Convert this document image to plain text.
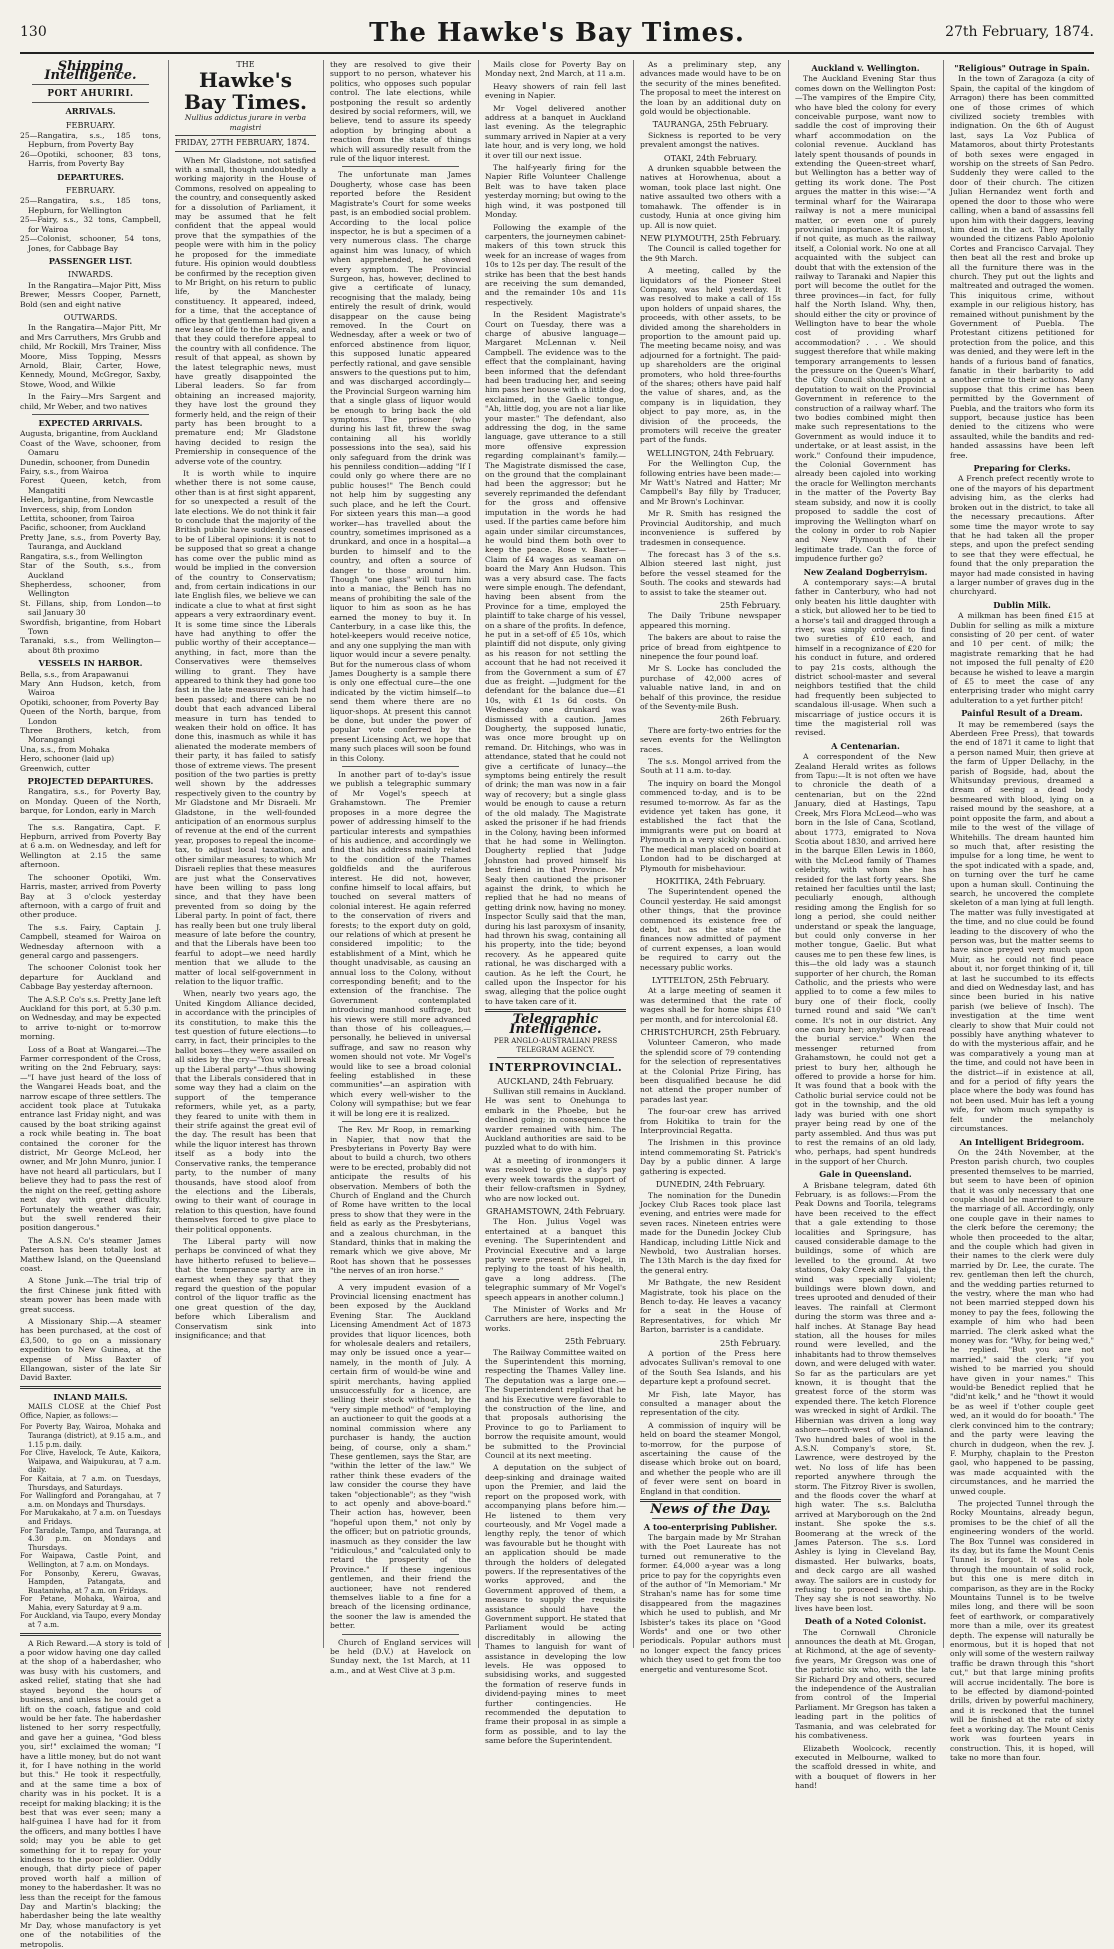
130	The Hawke's Bay Times.	27th February, 1874.
Shipping Intelligence.
PORT AHURIRI.
ARRIVALS.
FEBRUARY.

25—Rangatira, s.s., 185 tons, Hepburn, from Poverty Bay

26—Opotiki, schooner, 83 tons, Harris, from Poverty Bay

DEPARTURES.
FEBRUARY.

25—Rangatira, s.s., 185 tons, Hepburn, for Wellington

25—Fairy, s.s., 32 tons, Campbell, for Wairoa

25—Colonist, schooner, 54 tons, Jones, for Cabbage Bay

PASSENGER LIST.
INWARDS.

In the Rangatira—Major Pitt, Miss Brewer, Messrs Cooper, Parnett, Bold (sen and eight native

OUTWARDS.

In the Rangatira—Major Pitt, Mr and Mrs Carruthers, Mrs Grubb and child, Mr Rockill, Mrs Trainer, Miss Moore, Miss Topping, Messrs Arnold, Blair, Carter, Howe, Kennedy, Mound, McGregor, Saxby, Stowe, Wood, and Wilkie

In the Fairy—Mrs Sargent and child, Mr Weber, and two natives

EXPECTED ARRIVALS.

Augusta, brigantine, from Auckland

Coast of the Wave, schooner, from Oamaru

Dunedin, schooner, from Dunedin

Fairy, s.s., from Wairoa

Forest Queen, ketch, from Mangatiti

Helen, brigantine, from Newcastle

Invercess, ship, from London

Lettita, schooner, from Tairoa

Pacific, schooner, from Auckland

Pretty Jane, s.s., from Poverty Bay, Tauranga, and Auckland

Rangatira, s.s., from Wellington

Star of the South, s.s., from Auckland

Shepherdess, schooner, from Wellington

St. Fillans, ship, from London—to sail January 30

Swordfish, brigantine, from Hobart Town

Taranaki, s.s., from Wellington—about 8th proximo

VESSELS IN HARBOR.

Bella, s.s., from Arapawanui

Mary Ann Hudson, ketch, from Wairoa

Opotiki, schooner, from Poverty Bay

Queen of the North, barque, from London

Three Brothers, ketch, from Morangangi

Una, s.s., from Mohaka

Hero, schooner (laid up)

Greenwich, cutter

PROJECTED DEPARTURES.

Rangatira, s.s., for Poverty Bay, on Monday. Queen of the North, barque, for London, early in March

The s.s. Rangatira, Capt. F. Hepburn, arrived from Poverty Bay at 6 a.m. on Wednesday, and left for Wellington at 2.15 the same afternoon.

The schooner Opotiki, Wm. Harris, master, arrived from Poverty Bay at 3 o'clock yesterday afternoon, with a cargo of fruit and other produce.

The s.s. Fairy, Captain J. Campbell, steamed for Wairoa on Wednesday afternoon with a general cargo and passengers.

The schooner Colonist took her departure for Auckland and Cabbage Bay yesterday afternoon.

The A.S.P. Co's s.s. Pretty Jane left Auckland for this port, at 5.30 p.m. on Wednesday, and may be expected to arrive to-night or to-morrow morning.

Loss of a Boat at Wangarei.—The Farmer correspondent of the Cross, writing on the 2nd February, says:—"I have just heard of the loss of the Wangarei Heads boat, and the narrow escape of three settlers. The accident took place at Tutukaka entrance last Friday night, and was caused by the boat striking against a rock while beating in. The boat contained the coroner for the district, Mr George McLeod, her owner, and Mr John Munro, junior. I have not heard all particulars, but I believe they had to pass the rest of the night on the reef, getting ashore next day with great difficulty. Fortunately the weather was fair, but the swell rendered their position dangerous."

The A.S.N. Co's steamer James Paterson has been totally lost at Matthew Island, on the Queensland coast.

A Stone Junk.—The trial trip of the first Chinese junk fitted with steam power has been made with great success.

A Missionary Ship.—A steamer has been purchased, at the cost of £3,500, to go on a missionary expedition to New Guinea, at the expense of Miss Baxter of Ellangowan, sister of the late Sir David Baxter.

INLAND MAILS.

MAILS CLOSE at the Chief Post Office, Napier, as follows:—

For Poverty Bay, Wairoa, Mohaka and Tauranga (district), at 9.15 a.m., and 1.15 p.m. daily.

For Clive, Havelock, Te Aute, Kaikora, Waipawa, and Waipukurau, at 7 a.m. daily.

For Kaitaia, at 7 a.m. on Tuesdays, Thursdays, and Saturdays.

For Wallingford and Porangahau, at 7 a.m. on Mondays and Thursdays.

For Marukakaho, at 7 a.m. on Tuesdays and Fridays.

For Taradale, Tampo, and Tauranga, at 4.30 p.m. on Mondays and Thursdays.

For Waipawa, Castle Point, and Wellington, at 7 a.m. on Mondays.

For Ponsonby, Kereru, Gwavas, Hampden, Patangata, and Ruataniwha, at 7 a.m. on Fridays.

For Petane, Mohaka, Wairoa, and Mahia, every Saturday at 9 a.m.

For Auckland, via Taupo, every Monday at 7 a.m.

A Rich Reward.—A story is told of a poor widow having one day called at the shop of a haberdasher, who was busy with his customers, and asked relief, stating that she had stayed beyond the hours of business, and unless he could get a lift on the coach, fatigue and cold would be her fate. The haberdasher listened to her sorry respectfully, and gave her a guinea, "God bless you, sir!" exclaimed the woman; "I have a little money, but do not want it, for I have nothing in the world but this." He took it respectfully, and at the same time a box of charity was in his pocket. It is a receipt for making blacking; it is the best that was ever seen; many a half-guinea I have had for it from the officers, and many bottles I have sold; may you be able to get something for it to repay for your kindness to the poor soldier. Oddly enough, that dirty piece of paper proved worth half a million of money to the haberdasher. It was no less than the receipt for the famous Day and Martin's blacking; the haberdasher being the late wealthy Mr Day, whose manufactory is yet one of the notabilities of the metropolis.

THE
Hawke's Bay Times.
Nullius addictus jurare in verba magistri
FRIDAY, 27TH FEBRUARY, 1874.

When Mr Gladstone, not satisfied with a small, though undoubtedly a working majority in the House of Commons, resolved on appealing to the country, and consequently asked for a dissolution of Parliament, it may be assumed that he felt confident that the appeal would prove that the sympathies of the people were with him in the policy he proposed for the immediate future. His opinion would doubtless be confirmed by the reception given to Mr Bright, on his return to public life, by the Manchester constituency. It appeared, indeed, for a time, that the acceptance of office by that gentleman had given a new lease of life to the Liberals, and that they could therefore appeal to the country with all confidence. The result of that appeal, as shown by the latest telegraphic news, must have greatly disappointed the Liberal leaders. So far from obtaining an increased majority, they have lost the ground they formerly held, and the reign of their party has been brought to a premature end; Mr Gladstone having decided to resign the Premiership in consequence of the adverse vote of the country.

It is worth while to inquire whether there is not some cause, other than is at first sight apparent, for so unexpected a result of the late elections. We do not think it fair to conclude that the majority of the British public have suddenly ceased to be of Liberal opinions: it is not to be supposed that so great a change has come over the public mind as would be implied in the conversion of the country to Conservatism; and, from certain indications in our late English files, we believe we can indicate a clue to what at first sight appears a very extraordinary event. It is some time since the Liberals have had anything to offer the public worthy of their acceptance—anything, in fact, more than the Conservatives were themselves willing to grant. They have appeared to think they had gone too fast in the late measures which had been passed; and there can be no doubt that each advanced Liberal measure in turn has tended to weaken their hold on office. It has done this, inasmuch as while it has alienated the moderate members of their party, it has failed to satisfy those of extreme views. The present position of the two parties is pretty well shown by the addresses respectively given to the country by Mr Gladstone and Mr Disraeli. Mr Gladstone, in the well-founded anticipation of an enormous surplus of revenue at the end of the current year, proposes to repeal the income-tax, to adjust local taxation, and other similar measures; to which Mr Disraeli replies that these measures are just what the Conservatives have been willing to pass long since, and that they have been prevented from so doing by the Liberal party. In point of fact, there has really been but one truly liberal measure of late before the country, and that the Liberals have been too fearful to adopt—we need hardly mention that we allude to the matter of local self-government in relation to the liquor traffic.

When, nearly two years ago, the United Kingdom Alliance decided, in accordance with the principles of its constitution, to make this the test question of future elections—to carry, in fact, their principles to the ballot boxes—they were assailed on all sides by the cry—"You will break up the Liberal party"—thus showing that the Liberals considered that in some way they had a claim on the support of the temperance reformers, while yet, as a party, they feared to unite with them in their strife against the great evil of the day. The result has been that while the liquor interest has thrown itself as a body into the Conservative ranks, the temperance party, to the number of many thousands, have stood aloof from the elections and the Liberals, owing to their want of courage in relation to this question, have found themselves forced to give place to their political opponents.

The Liberal party will now perhaps be convinced of what they have hitherto refused to believe—that the temperance party are in earnest when they say that they regard the question of the popular control of the liquor traffic as the one great question of the day, before which Liberalism and Conservatism sink into insignificance; and that

they are resolved to give their support to no person, whatever his politics, who opposes such popular control. The late elections, while postponing the result so ardently desired by social reformers, will, we believe, tend to assure its speedy adoption by bringing about a reaction from the state of things which will assuredly result from the rule of the liquor interest.

The unfortunate man James Dougherty, whose case has been reported before the Resident Magistrate's Court for some weeks past, is an embodied social problem. According to the local police inspector, he is but a specimen of a very numerous class. The charge against him was lunacy, of which when apprehended, he showed every symptom. The Provincial Surgeon, has, however, declined to give a certificate of lunacy, recognising that the malady, being entirely the result of drink, would disappear on the cause being removed. In the Court on Wednesday, after a week or two of enforced abstinence from liquor, this supposed lunatic appeared perfectly rational, and gave sensible answers to the questions put to him, and was discharged accordingly—the Provincial Surgeon warning him that a single glass of liquor would be enough to bring back the old symptoms. The prisoner (who during his last fit, threw the swag containing all his worldly possessions into the sea), said his only safeguard from the drink was his penniless condition—adding "If I could only go where there are no public houses!" The Bench could not help him by suggesting any such place, and he left the Court. For sixteen years this man—a good worker—has travelled about the country, sometimes imprisoned as a drunkard, and once in a hospital—a burden to himself and to the country, and often a source of danger to those around him. Though "one glass" will turn him into a maniac, the Bench has no means of prohibiting the sale of the liquor to him as soon as he has earned the money to buy it. In Canterbury, in a case like this, the hotel-keepers would receive notice, and any one supplying the man with liquor would incur a severe penalty. But for the numerous class of whom James Dougherty is a sample there is only one effectual cure—the one indicated by the victim himself—to send them where there are no liquor-shops. At present this cannot be done, but under the power of popular vote conferred by the present Licensing Act, we hope that many such places will soon be found in this Colony.

In another part of to-day's issue we publish a telegraphic summary of Mr Vogel's speech at Grahamstown. The Premier proposes in a more degree the power of addressing himself to the particular interests and sympathies of his audience, and accordingly we find that his address mainly related to the condition of the Thames goldfields and the auriferous interest. He did not, however, confine himself to local affairs, but touched on several matters of colonial interest. He again referred to the conservation of rivers and forests; to the export duty on gold, our relations of which at present he considered impolitic; to the establishment of a Mint, which he thought unadvisable, as causing an annual loss to the Colony, without corresponding benefit; and to the extension of the franchise. The Government contemplated introducing manhood suffrage, but his views were still more advanced than those of his colleagues,—personally, he believed in universal suffrage, and saw no reason why women should not vote. Mr Vogel's would like to see a broad colonial feeling established in these communities"—an aspiration with which every well-wisher to the Colony will sympathise; but we fear it will be long ere it is realized.

The Rev. Mr Roop, in remarking in Napier, that now that the Presbyterians in Poverty Bay were about to build a church, two others were to be erected, probably did not anticipate the results of his observation. Members of both the Church of England and the Church of Rome have written to the local press to show that they were in the field as early as the Presbyterians, and a zealous churchman, in the Standard, thinks that in making the remark which we give above, Mr Root has shown that he possesses "the nerves of an iron horse."

A very impudent evasion of a Provincial licensing enactment has been exposed by the Auckland Evening Star. The Auckland Licensing Amendment Act of 1873 provides that liquor licences, both for wholesale dealers and retailers, may only be issued once a year—namely, in the month of July. A certain firm of would-be wine and spirit merchants, having applied unsuccessfully for a licence, are selling their stock without, by the "very simple method" of "employing an auctioneer to quit the goods at a nominal commission where any purchaser is handy, the auction being, of course, only a sham." These gentlemen, says the Star, are "within the letter of the law." We rather think these evaders of the law consider the course they have taken "objectionable"; as they "wish to act openly and above-board." Their action has, however, been "hopeful upon them," not only by the officer; but on patriotic grounds, inasmuch as they consider the law "ridiculous," and "calculated only to retard the prosperity of the Province." If these ingenious gentlemen, and their friend the auctioneer, have not rendered themselves liable to a fine for a breach of the licensing ordinance, the sooner the law is amended the better.

Church of England services will be held (D.V.) at Havelock on Sunday next, the 1st March, at 11 a.m., and at West Clive at 3 p.m.

Mails close for Poverty Bay on Monday next, 2nd March, at 11 a.m.

Heavy showers of rain fell last evening in Napier.

Mr Vogel delivered another address at a banquet in Auckland last evening. As the telegraphic summary arrived in Napier at a very late hour, and is very long, we hold it over till our next issue.

The half-yearly firing for the Napier Rifle Volunteer Challenge Belt was to have taken place yesterday morning; but owing to the high wind, it was postponed till Monday.

Following the example of the carpenters, the journeymen cabinet-makers of this town struck this week for an increase of wages from 10s to 12s per day. The result of the strike has been that the best hands are receiving the sum demanded, and the remainder 10s and 11s respectively.

In the Resident Magistrate's Court on Tuesday, there was a charge of abusive language—Margaret McLennan v. Neil Campbell. The evidence was to the effect that the complainant, having been informed that the defendant had been traducing her, and seeing him pass her house with a little dog, exclaimed, in the Gaelic tongue, "Ah, little dog, you are not a liar like your master." The defendant, also addressing the dog, in the same language, gave utterance to a still more offensive expression regarding complainant's family.—The Magistrate dismissed the case, on the ground that the complainant had been the aggressor; but he severely reprimanded the defendant for the gross and offensive imputation in the words he had used. If the parties came before him again under similar circumstances, he would bind them both over to keep the peace. Rose v. Baxter—Claim of £4 wages as seaman on board the Mary Ann Hudson. This was a very absurd case. The facts were simple enough. The defendant, having been absent from the Province for a time, employed the plaintiff to take charge of his vessel, on a share of the profits. In defence, he put in a set-off of £5 10s, which plaintiff did not dispute, only giving as his reason for not settling the account that he had not received it from the Government a sum of £7 due as freight. —Judgment for the defendant for the balance due—£1 10s, with £1 1s 6d costs. On Wednesday one drunkard was dismissed with a caution. James Dougherty, the supposed lunatic, was once more brought up on remand. Dr. Hitchings, who was in attendance, stated that he could not give a certificate of lunacy—the symptoms being entirely the result of drink; the man was now in a fair way of recovery; but a single glass would be enough to cause a return of the old malady. The Magistrate asked the prisoner if he had friends in the Colony, having been informed that he had some in Wellington. Dougherty replied that Judge Johnston had proved himself his best friend in that Province. Mr Sealy then cautioned the prisoner against the drink, to which he replied that he had no means of getting drink now, having no money. Inspector Scully said that the man, during his last paroxysm of insanity, had thrown his swag, containing all his property, into the tide; beyond recovery. As he appeared quite rational, he was discharged with a caution. As he left the Court, he called upon the Inspector for his swag, alleging that the police ought to have taken care of it.

Telegraphic Intelligence.

PER ANGLO-AUSTRALIAN PRESS TELEGRAM AGENCY.

INTERPROVINCIAL.
AUCKLAND, 24th February.

Sullivan still remains in Auckland. He was sent to Onehunga to embark in the Phoebe, but he declined going; in consequence the warder remained with him. The Auckland authorities are said to be puzzled what to do with him.

At a meeting of ironmongers it was resolved to give a day's pay every week towards the support of their fellow-craftsmen in Sydney, who are now locked out.

GRAHAMSTOWN, 24th February.

The Hon. Julius Vogel was entertained at a banquet this evening. The Superintendent and Provincial Executive and a large party were present. Mr Vogel, in replying to the toast of his health, gave a long address. [The telegraphic summary of Mr Vogel's speech appears in another column.]

The Minister of Works and Mr Carruthers are here, inspecting the works.

25th February.

The Railway Committee waited on the Superintendent this morning, respecting the Thames Valley line. The deputation was a large one.—The Superintendent replied that he and his Executive were favorable to the construction of the line, and that proposals authorising the Province to go to Parliament to borrow the requisite amount, would be submitted to the Provincial Council at its next meeting.

A deputation on the subject of deep-sinking and drainage waited upon the Premier, and laid the report on the proposed work, with accompanying plans before him.—He listened to them very courteously, and Mr Vogel made a lengthy reply, the tenor of which was favourable but he thought with an application should be made through the holders of delegated powers. If the representatives of the works approved, and the Government approved of them, a measure to supply the requisite assistance should have the Government support. He stated that Parliament would be acting discreditably in allowing the Thames to languish for want of assistance in developing the low levels. He was opposed to subsidising works, and suggested the formation of reserve funds in dividend-paying mines to meet further contingencies. He recommended the deputation to frame their proposal in as simple a form as possible, and to lay the same before the Superintendent.

As a preliminary step, any advances made would have to be on the security of the mines benefited. The proposal to meet the interest on the loan by an additional duty on gold would be objectionable.

TAURANGA, 25th February.

Sickness is reported to be very prevalent amongst the natives.

OTAKI, 24th February.

A drunken squabble between the natives at Horowhenua, about a woman, took place last night. One native assaulted two others with a tomahawk. The offender is in custody, Hunia at once giving him up. All is now quiet.

NEW PLYMOUTH, 25th February.

The Council is called together for the 9th March.

A meeting, called by the liquidators of the Pioneer Steel Company, was held yesterday. It was resolved to make a call of 15s upon holders of unpaid shares, the proceeds, with other assets, to be divided among the shareholders in proportion to the amount paid up. The meeting became noisy, and was adjourned for a fortnight. The paid-up shareholders are the original promoters, who hold three-fourths of the shares; others have paid half the value of shares, and, as the company is in liquidation, they object to pay more, as, in the division of the proceeds, the promoters will receive the greater part of the funds.

WELLINGTON, 24th February.

For the Wellington Cup, the following entries have been made:—Mr Watt's Natred and Hatter; Mr Campbell's Bay filly by Traducer, and Mr Brown's Lochinvar.

Mr R. Smith has resigned the Provincial Auditorship, and much inconvenience is suffered by tradesmen in consequence.

The forecast has 3 of the s.s. Albion steered last night, just before the vessel steamed for the South. The cooks and stewards had to assist to take the steamer out.

25th February.

The Daily Tribune newspaper appeared this morning.

The bakers are about to raise the price of bread from eightpence to ninepence the four pound loaf.

Mr S. Locke has concluded the purchase of 42,000 acres of valuable native land, in and on behalf of this province, the residue of the Seventy-mile Bush.

26th February.

There are forty-two entries for the seven events for the Wellington races.

The s.s. Mongol arrived from the South at 11 a.m. to-day.

The inquiry on board the Mongol commenced to-day, and is to be resumed to-morrow. As far as the evidence yet taken has gone, it established the fact that the immigrants were put on board at Plymouth in a very sickly condition. The medical man placed on board at London had to be discharged at Plymouth for misbehaviour.

HOKITIKA, 24th February.

The Superintendent opened the Council yesterday. He said amongst other things, that the province commenced its existence free of debt, but as the state of the finances now admitted of payment of current expenses, a loan would be required to carry out the necessary public works.

LYTTELTON, 25th February.

At a large meeting of seamen it was determined that the rate of wages shall be for home ships £10 per month, and for intercolonial £8.

CHRISTCHURCH, 25th February.

Volunteer Cameron, who made the splendid score of 79 contending for the selection of representatives at the Colonial Prize Firing, has been disqualified because he did not attend the proper number of parades last year.

The four-oar crew has arrived from Hokitika to train for the Interprovincial Regatta.

The Irishmen in this province intend commemorating St. Patrick's Day by a public dinner. A large gathering is expected.

DUNEDIN, 24th February.

The nomination for the Dunedin Jockey Club Races took place last evening, and entries were made for seven races. Nineteen entries were made for the Dunedin Jockey Club Handicap, including Little Nick and Newbold, two Australian horses. The 13th March is the day fixed for the general entry.

Mr Bathgate, the new Resident Magistrate, took his place on the Bench to-day. He leaves a vacancy for a seat in the House of Representatives, for which Mr Barton, barrister is a candidate.

25th February.

A portion of the Press here advocates Sullivan's removal to one of the South Sea Islands, and his departure kept a profound secret.

Mr Fish, late Mayor, has consulted a manager about the representation of the city.

A commission of inquiry will be held on board the steamer Mongol, to-morrow, for the purpose of ascertaining the cause of the disease which broke out on board, and whether the people who are ill of fever were sent on board in England in that condition.

News of the Day.
A too-enterprising Publisher.

The bargain made by Mr Strahan with the Poet Laureate has not turned out remunerative to the former. £4,000 a-year was a long price to pay for the copyrights even of the author of "In Memoriam." Mr Strahan's name has for some time disappeared from the magazines which he used to publish, and Mr Isbister's takes its place on "Good Words" and one or two other periodicals. Popular authors must no longer expect the fancy prices which they used to get from the too energetic and venturesome Scot.

Auckland v. Wellington.

The Auckland Evening Star thus comes down on the Wellington Post:—The vampires of the Empire City, who have bled the colony for every conceivable purpose, want now to saddle the cost of improving their wharf accommodation on the colonial revenue. Auckland has lately spent thousands of pounds in extending the Queen-street wharf, but Wellington has a better way of getting its work done. The Post argues the matter in this wise:—"A terminal wharf for the Wairarapa railway is not a mere municipal matter, or even one of purely provincial importance. It is almost, if not quite, as much as the railway itself, a Colonial work. No one at all acquainted with the subject can doubt that with the extension of the railway to Taranaki and Napier this port will become the outlet for the three provinces—in fact, for fully half the North Island. Why, then, should either the city or province of Wellington have to bear the whole cost of providing wharf accommodation? . . . We should suggest therefore that while making temporary arrangements to lessen the pressure on the Queen's Wharf, the City Council should appoint a deputation to wait on the Provincial Government in reference to the construction of a railway wharf. The two bodies combined might then make such representations to the Government as would induce it to undertake, or at least assist, in the work." Confound their impudence, the Colonial Government has already been cajoled into working the oracle for Wellington merchants in the matter of the Poverty Bay steam subsidy, and now it is coolly proposed to saddle the cost of improving the Wellington wharf on the colony in order to rob Napier and New Plymouth of their legitimate trade. Can the force of impudence further go?

New Zealand Dogberryism.

A contemporary says:—A brutal father in Canterbury, who had not only beaten his little daughter with a stick, but allowed her to be tied to a horse's tail and dragged through a river, was simply ordered to find two sureties of £10 each, and himself in a recognizance of £20 for his conduct in future, and ordered to pay 21s costs, although the district school-master and several neighbors testified that the child had frequently been subjected to scandalous ill-usage. When such a miscarriage of justice occurs it is time the magisterial roll was revised.

A Centenarian.

A correspondent of the New Zealand Herald writes as follows from Tapu:—It is not often we have to chronicle the death of a centenarian, but on the 22nd January, died at Hastings, Tapu Creek, Mrs Flora McLeod—who was born in the Isle of Cana, Scotland, about 1773, emigrated to Nova Scotia about 1830, and arrived here in the barque Ellen Lewis in 1860, with the McLeod family of Thames celebrity, with whom she has resided for the last forty years. She retained her faculties until the last; peculiarly enough, although residing among the English for so long a period, she could neither understand or speak the language, but could only converse in her mother tongue, Gaelic. But what causes me to pen these few lines, is this—the old lady was a staunch supporter of her church, the Roman Catholic, and the priests who were applied to to come a few miles to bury one of their flock, coolly turned round and said "We can't come. It's not in our district. Any one can bury her; anybody can read the burial service." When the messenger returned from Grahamstown, he could not get a priest to bury her, although he offered to provide a horse for him. It was found that a book with the Catholic burial service could not be got in the township, and the old lady was buried with one short prayer being read by one of the party assembled. And thus was put to rest the remains of an old lady, who, perhaps, had spent hundreds in the support of her Church.

Gale in Queensland.

A Brisbane telegram, dated 6th February, is as follows:—From the Peak Downs and Toorila, telegrams have been received to the effect that a gale extending to those localities and Springsure, has caused considerable damage to the buildings, some of which are levelled to the ground. At two stations, Oaky Creek and Talgai, the wind was specially violent; buildings were blown down, and trees uprooted and denuded of their leaves. The rainfall at Clermont during the storm was three and a-half inches. At Stanage Bay head station, all the houses for miles round were levelled, and the inhabitants had to throw themselves down, and were deluged with water. So far as the particulars are yet known, it is thought that the greatest force of the storm was expended there. The ketch Florence was wrecked in sight of Ardkil. The Hibernian was driven a long way ashore—north-west of the island. Two hundred bales of wool in the A.S.N. Company's store, St. Lawrence, were destroyed by the wet. No loss of life has been reported anywhere through the storm. The Fitzroy River is swollen, and the floods cover the wharf at high water. The s.s. Balclutha arrived at Maryborough on the 2nd instant. She spoke the s.s. Boomerang at the wreck of the James Paterson. The s.s. Lord Ashley is lying in Cleveland Bay, dismasted. Her bulwarks, boats, and deck cargo are all washed away. The sailors are in custody for refusing to proceed in the ship. They say she is not seaworthy. No lives have been lost.

Death of a Noted Colonist.

The Cornwall Chronicle announces the death at Mt. Grogan, at Richmond, at the age of seventy-five years, Mr Gregson was one of the patriotic six who, with the late Sir Richard Dry and others, secured the independence of the Australian from control of the Imperial Parliament. Mr Gregson has taken a leading part in the politics of Tasmania, and was celebrated for his combativeness.

Elizabeth Woolcock, recently executed in Melbourne, walked to the scaffold dressed in white, and with a bouquet of flowers in her hand!

"Religious" Outrage in Spain.

In the town of Zaragoza (a city of Spain, the capital of the kingdom of Arragon) there has been committed one of those crimes of which civilized society trembles with indignation. On the 6th of August last, says La Voz Publica of Matamoros, about thirty Protestants of both sexes were engaged in worship on the streets of San Pedro. Suddenly they were called to the door of their church. The citizen Julian Hernandez went forth and opened the door to those who were calling, when a band of assassins fell upon him with their daggers, leaving him dead in the act. They mortally wounded the citizens Pablo Apolonio Cortes and Francisco Carvajal. They then beat all the rest and broke up all the furniture there was in the church. They put out the lights and maltreated and outraged the women. This iniquitous crime, without example in our religious history, has remained without punishment by the Government of Puebla. The Protestant citizens petitioned for protection from the police, and this was denied, and they were left in the hands of a furious band of fanatics, fanatic in their barbarity to add another crime to their actions. Many suppose that this crime has been permitted by the Government of Puebla, and the traitors who form its support, because justice has been denied to the citizens who were assaulted, while the bandits and red-handed assassins have been left free.

Preparing for Clerks.

A French prefect recently wrote to one of the mayors of his department advising him, as the clerks had broken out in the district, to take all the necessary precautions. After some time the mayor wrote to say that he had taken all the proper steps, and upon the prefect sending to see that they were effectual, he found that the only preparation the mayor had made consisted in having a larger number of graves dug in the churchyard.

Dublin Milk.

A milkman has been fined £15 at Dublin for selling as milk a mixture consisting of 20 per cent. of water and 10 per cent. of milk; the magistrate remarking that he had not imposed the full penalty of £20 because he wished to leave a margin of £5 to meet the case of any enterprising trader who might carry adulteration to a yet further pitch!

Painful Result of a Dream.

It may be remembered (says the Aberdeen Free Press), that towards the end of 1871 it came to light that a person named Muir, then grieve at the farm of Upper Dellachy, in the parish of Bogside, had, about the Whitsunday previous, dreamed a dream of seeing a dead body besmeared with blood, lying on a raised mound by the seashore, at a point opposite the farm, and about a mile to the west of the village of Whitehills. The dream haunted him so much that, after resisting the impulse for a long time, he went to the spot indicated with a spade, and, on turning over the turf he came upon a human skull. Continuing the search, he uncovered the complete skeleton of a man lying at full length. The matter was fully investigated at the time, and no clue could be found leading to the discovery of who the person was, but the matter seems to have since preyed very much upon Muir, as he could not find peace about it, nor forget thinking of it, till at last he succumbed to its effects and died on Wednesday last, and has since been buried in his native parish (we believe of Insch). The investigation at the time went clearly to show that Muir could not possibly have anything whatever to do with the mysterious affair, and he was comparatively a young man at the time, and could not have been in the district—if in existence at all, and for a period of fifty years the place where the body was found has not been used. Muir has left a young wife, for whom much sympathy is felt under the melancholy circumstances.

An Intelligent Bridegroom.

On the 24th November, at the Preston parish church, two couples presented themselves to be married, but seem to have been of opinion that it was only necessary that one couple should be married to ensure the marriage of all. Accordingly, only one couple gave in their names to the clerk before the ceremony; the whole then proceeded to the altar, and the couple which had given in their names to the clerk were duly married by Dr. Lee, the curate. The rev. gentleman then left the church, and the wedding parties returned to the vestry, where the man who had not been married stepped down his money to pay the fees, following the example of him who had been married. The clerk asked what the money was for. "Why, for being wed," he replied. "But you are not married," said the clerk; "if you wished to be married you should have given in your names." This would-be Benedict replied that he "did'nt kelk," and he "thowt it would be as weel if t'other couple geet wed, an it would do for booath." The clerk convinced him to the contrary; and the party were leaving the church in dudgeon, when the rev. J. F. Murphy, chaplain to the Preston gaol, who happened to be passing, was made acquainted with the circumstances, and he married the unwed couple.

The projected Tunnel through the Rocky Mountains, already begun, promises to be the chief of all the engineering wonders of the world. The Box Tunnel was considered in its day, but its fame the Mount Cenis Tunnel is forgot. It was a hole through the mountain of solid rock, but this one is mere ditch in comparison, as they are in the Rocky Mountains Tunnel is to be twelve miles long, and there will be soon feet of earthwork, or comparatively more than a mile, over its greatest depth. The expense will naturally be enormous, but it is hoped that not only will some of the western railway traffic be drawn through this "short cut," but that large mining profits will accrue incidentally. The bore is to be effected by diamond-pointed drills, driven by powerful machinery, and it is reckoned that the tunnel will be finished at the rate of sixty feet a working day. The Mount Cenis work was fourteen years in construction. This, it is hoped, will take no more than four.
